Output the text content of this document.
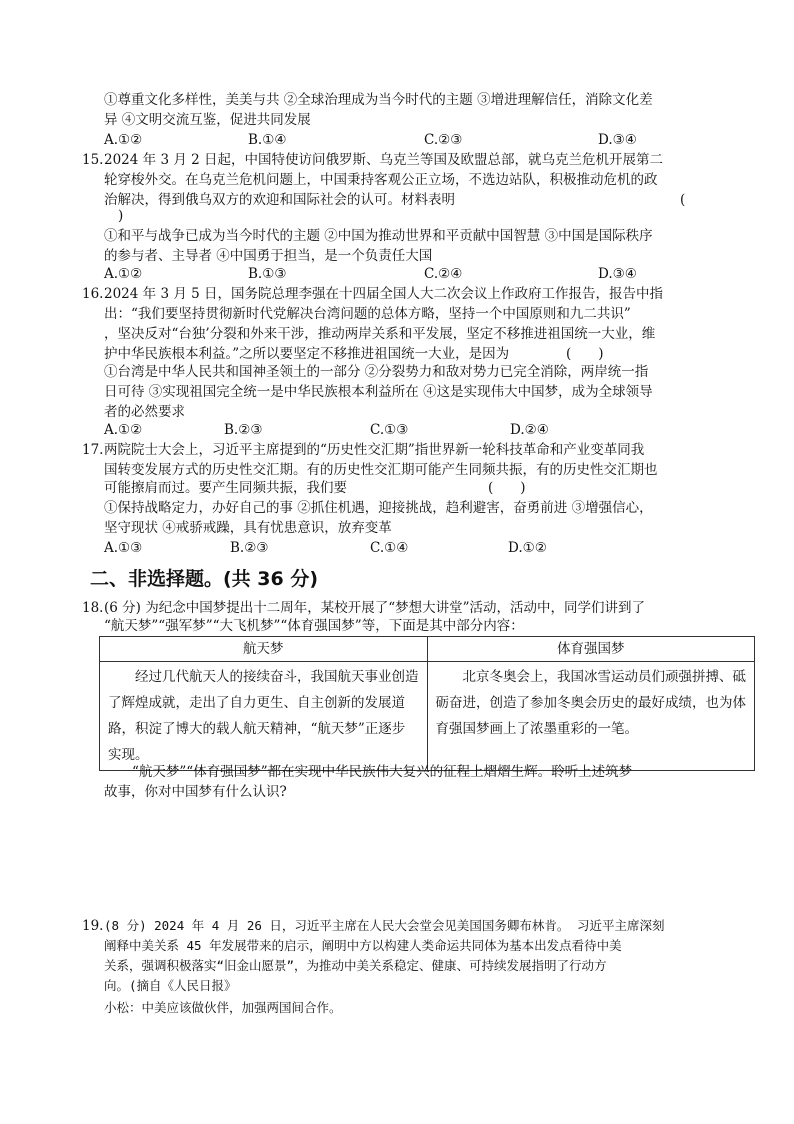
①尊重文化多样性，美美与共 ②全球治理成为当今时代的主题 ③增进理解信任，消除文化差
异 ④文明交流互鉴，促进共同发展
A.①②	B.①④	C.②③	D.③④
15. 2024 年 3 月 2 日起，中国特使访问俄罗斯、乌克兰等国及欧盟总部，就乌克兰危机开展第二
轮穿梭外交。在乌克兰危机问题上，中国秉持客观公正立场，不选边站队，积极推动危机的政
治解决，得到俄乌双方的欢迎和国际社会的认可。材料表明	(
)
①和平与战争已成为当今时代的主题 ②中国为推动世界和平贡献中国智慧 ③中国是国际秩序
的参与者、主导者 ④中国勇于担当，是一个负责任大国
A.①②	B.①③	C.②④	D.③④
16. 2024 年 3 月 5 日，国务院总理李强在十四届全国人大二次会议上作政府工作报告，报告中指
出：“我们要坚持贯彻新时代党解决台湾问题的总体方略，坚持一个中国原则和九二共识”
，坚决反对“台独’分裂和外来干涉，推动两岸关系和平发展，坚定不移推进祖国统一大业，维
护中华民族根本利益。”之所以要坚定不移推进祖国统一大业，是因为	(　　)
①台湾是中华人民共和国神圣领土的一部分 ②分裂势力和敌对势力已完全消除，两岸统一指
日可待 ③实现祖国完全统一是中华民族根本利益所在 ④这是实现伟大中国梦，成为全球领导
者的必然要求
A.①②	B.②③	C.①③	D.②④
17. 两院院士大会上，习近平主席提到的“历史性交汇期”指世界新一轮科技革命和产业变革同我
国转变发展方式的历史性交汇期。有的历史性交汇期可能产生同频共振，有的历史性交汇期也
可能擦肩而过。要产生同频共振，我们要	(　　)
①保持战略定力，办好自己的事 ②抓住机遇，迎接挑战，趋利避害，奋勇前进 ③增强信心，
坚守现状 ④戒骄戒躁，具有忧患意识，放弃变革
A.①③	B.②③	C.①④	D.①②
二、非选择题。(共 36 分)
18. (6 分) 为纪念中国梦提出十二周年，某校开展了“梦想大讲堂”活动，活动中，同学们讲到了
“航天梦”“强军梦”“大飞机梦”“体育强国梦”等，下面是其中部分内容：
航天梦	体育强国梦
经过几代航天人的接续奋斗，我国航天事业创造了辉煌成就，走出了自力更生、自主创新的发展道路，积淀了博大的载人航天精神，“航天梦”正逐步实现。	北京冬奥会上，我国冰雪运动员们顽强拼搏、砥砺奋进，创造了参加冬奥会历史的最好成绩，也为体育强国梦画上了浓墨重彩的一笔。
“航天梦”“体育强国梦”都在实现中华民族伟大复兴的征程上熠熠生辉。聆听上述筑梦
故事，你对中国梦有什么认识?
19. (8 分) 2024 年 4 月 26 日，习近平主席在人民大会堂会见美国国务卿布林肯。 习近平主席深刻
阐释中美关系 45 年发展带来的启示，阐明中方以构建人类命运共同体为基本出发点看待中美
关系，强调积极落实“旧金山愿景”，为推动中美关系稳定、健康、可持续发展指明了行动方
向。(摘自《人民日报》
小松：中美应该做伙伴，加强两国间合作。
